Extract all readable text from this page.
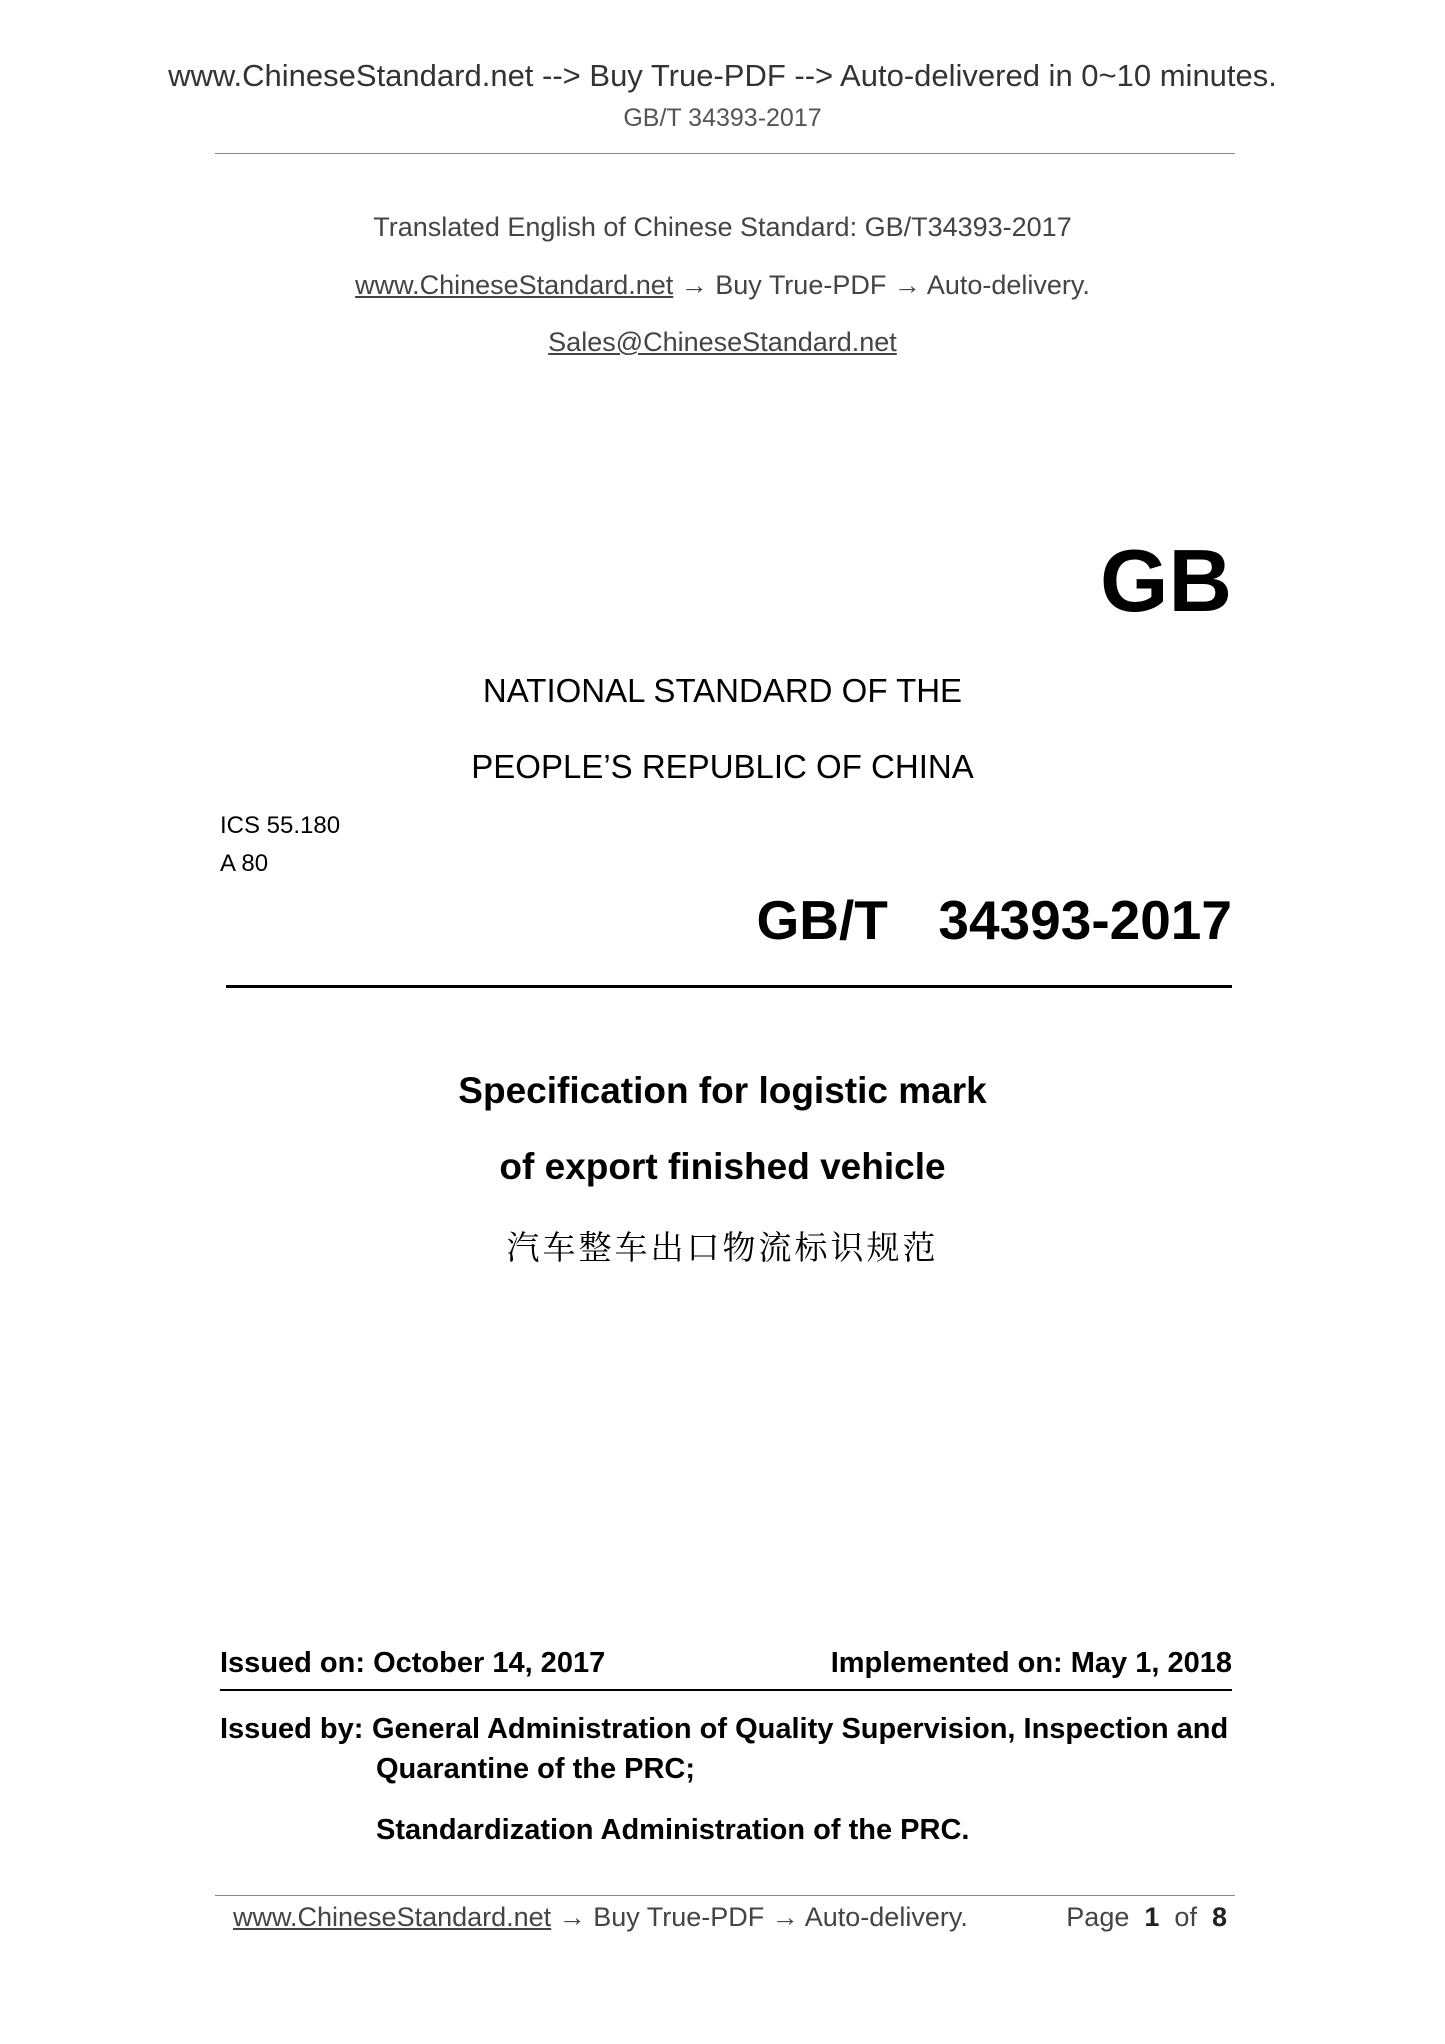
www.ChineseStandard.net --> Buy True-PDF --> Auto-delivered in 0~10 minutes.
GB/T 34393-2017
Translated English of Chinese Standard: GB/T34393-2017
www.ChineseStandard.net → Buy True-PDF → Auto-delivery.
Sales@ChineseStandard.net
GB
NATIONAL STANDARD OF THE
PEOPLE’S REPUBLIC OF CHINA
ICS 55.180
A 80
GB/T  34393-2017
Specification for logistic mark
of export finished vehicle
汽车整车出口物流标识规范
Issued on: October 14, 2017	Implemented on: May 1, 2018
Issued by: General Administration of Quality Supervision, Inspection and
Quarantine of the PRC;
Standardization Administration of the PRC.
www.ChineseStandard.net → Buy True-PDF → Auto-delivery.	Page 1 of 8
